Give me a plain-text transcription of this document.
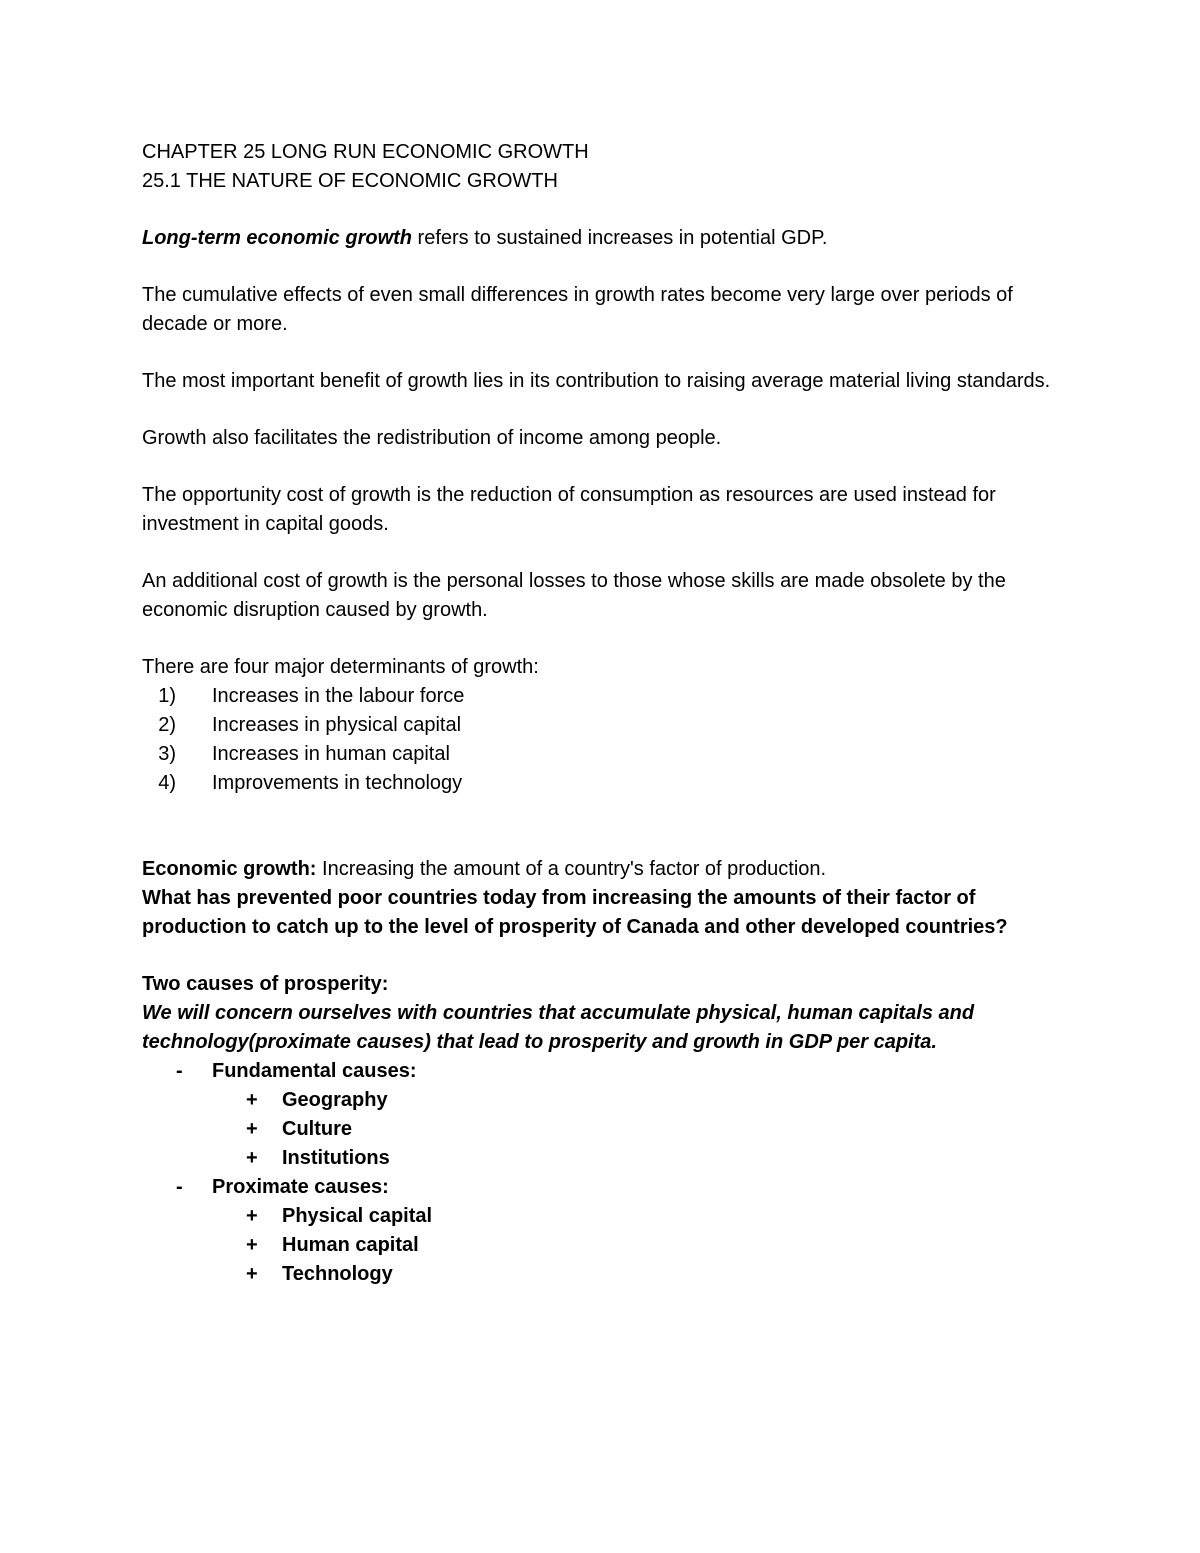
CHAPTER 25 LONG RUN ECONOMIC GROWTH

25.1 THE NATURE OF ECONOMIC GROWTH

Long-term economic growth refers to sustained increases in potential GDP.

The cumulative effects of even small differences in growth rates become very large over periods of decade or more.

The most important benefit of growth lies in its contribution to raising average material living standards.

Growth also facilitates the redistribution of income among people.

The opportunity cost of growth is the reduction of consumption as resources are used instead for investment in capital goods.

An additional cost of growth is the personal losses to those whose skills are made obsolete by the economic disruption caused by growth.

There are four major determinants of growth:

1) Increases in the labour force
2) Increases in physical capital
3) Increases in human capital
4) Improvements in technology

Economic growth: Increasing the amount of a country's factor of production.

What has prevented poor countries today from increasing the amounts of their factor of production to catch up to the level of prosperity of Canada and other developed countries?

Two causes of prosperity:

We will concern ourselves with countries that accumulate physical, human capitals and technology(proximate causes) that lead to prosperity and growth in GDP per capita.

-	Fundamental causes:
+	Geography
+	Culture
+	Institutions
-	Proximate causes:
+	Physical capital
+	Human capital
+	Technology
